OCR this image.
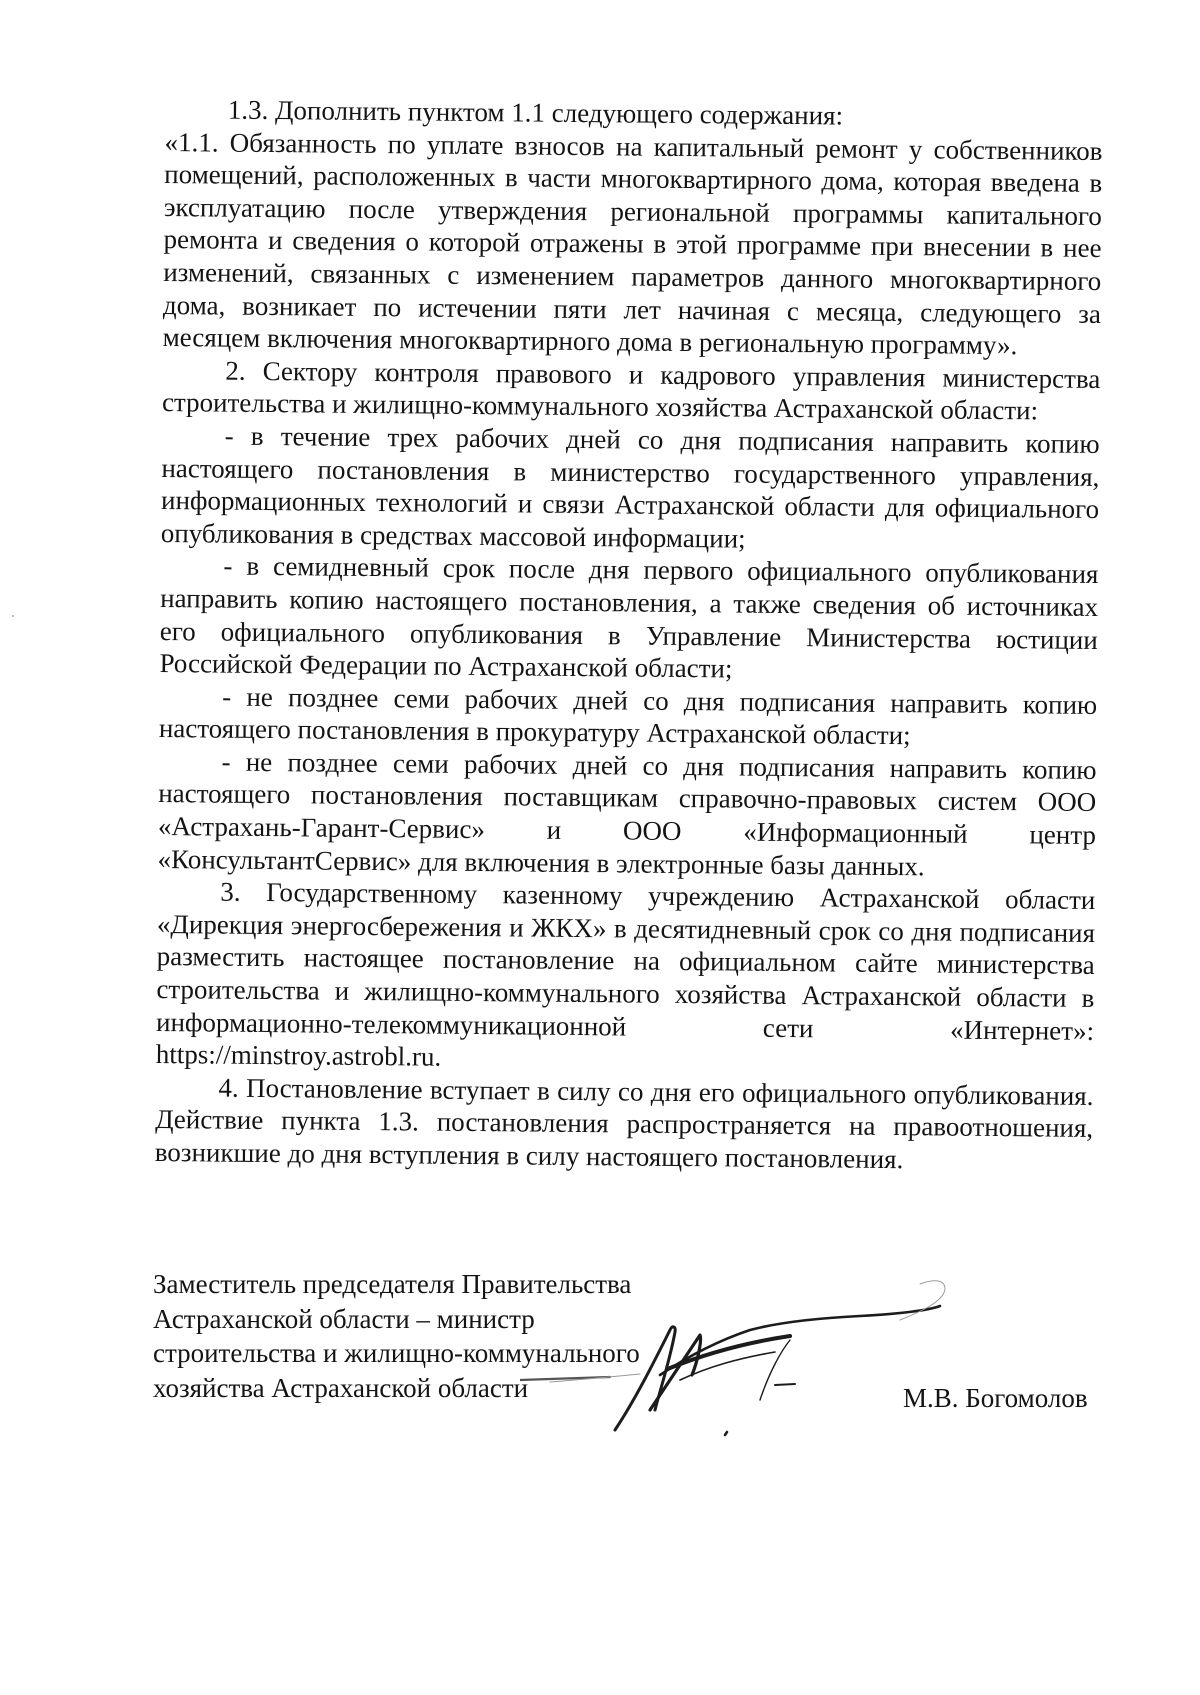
1.3. Дополнить пунктом 1.1 следующего содержания:

«1.1. Обязанность по уплате взносов на капитальный ремонт у собственников помещений, расположенных в части многоквартирного дома, которая введена в эксплуатацию после утверждения региональной программы капитального ремонта и сведения о которой отражены в этой программе при внесении в нее изменений, связанных с изменением параметров данного многоквартирного дома, возникает по истечении пяти лет начиная с месяца, следующего за месяцем включения многоквартирного дома в региональную программу».

2. Сектору контроля правового и кадрового управления министерства строительства и жилищно-коммунального хозяйства Астраханской области:

- в течение трех рабочих дней со дня подписания направить копию настоящего постановления в министерство государственного управления, информационных технологий и связи Астраханской области для официального опубликования в средствах массовой информации;

- в семидневный срок после дня первого официального опубликования направить копию настоящего постановления, а также сведения об источниках его официального опубликования в Управление Министерства юстиции Российской Федерации по Астраханской области;

- не позднее семи рабочих дней со дня подписания направить копию настоящего постановления в прокуратуру Астраханской области;

- не позднее семи рабочих дней со дня подписания направить копию настоящего постановления поставщикам справочно-правовых систем ООО «Астрахань-Гарант-Сервис» и ООО «Информационный центр «КонсультантСервис» для включения в электронные базы данных.

3. Государственному казенному учреждению Астраханской области «Дирекция энергосбережения и ЖКХ» в десятидневный срок со дня подписания разместить настоящее постановление на официальном сайте министерства строительства и жилищно-коммунального хозяйства Астраханской области в информационно-телекоммуникационной сети «Интернет»: https://minstroy.astrobl.ru.

4. Постановление вступает в силу со дня его официального опубликования. Действие пункта 1.3. постановления распространяется на правоотношения, возникшие до дня вступления в силу настоящего постановления.

Заместитель председателя Правительства
Астраханской области – министр
строительства и жилищно-коммунального
хозяйства Астраханской области	М.В. Богомолов
